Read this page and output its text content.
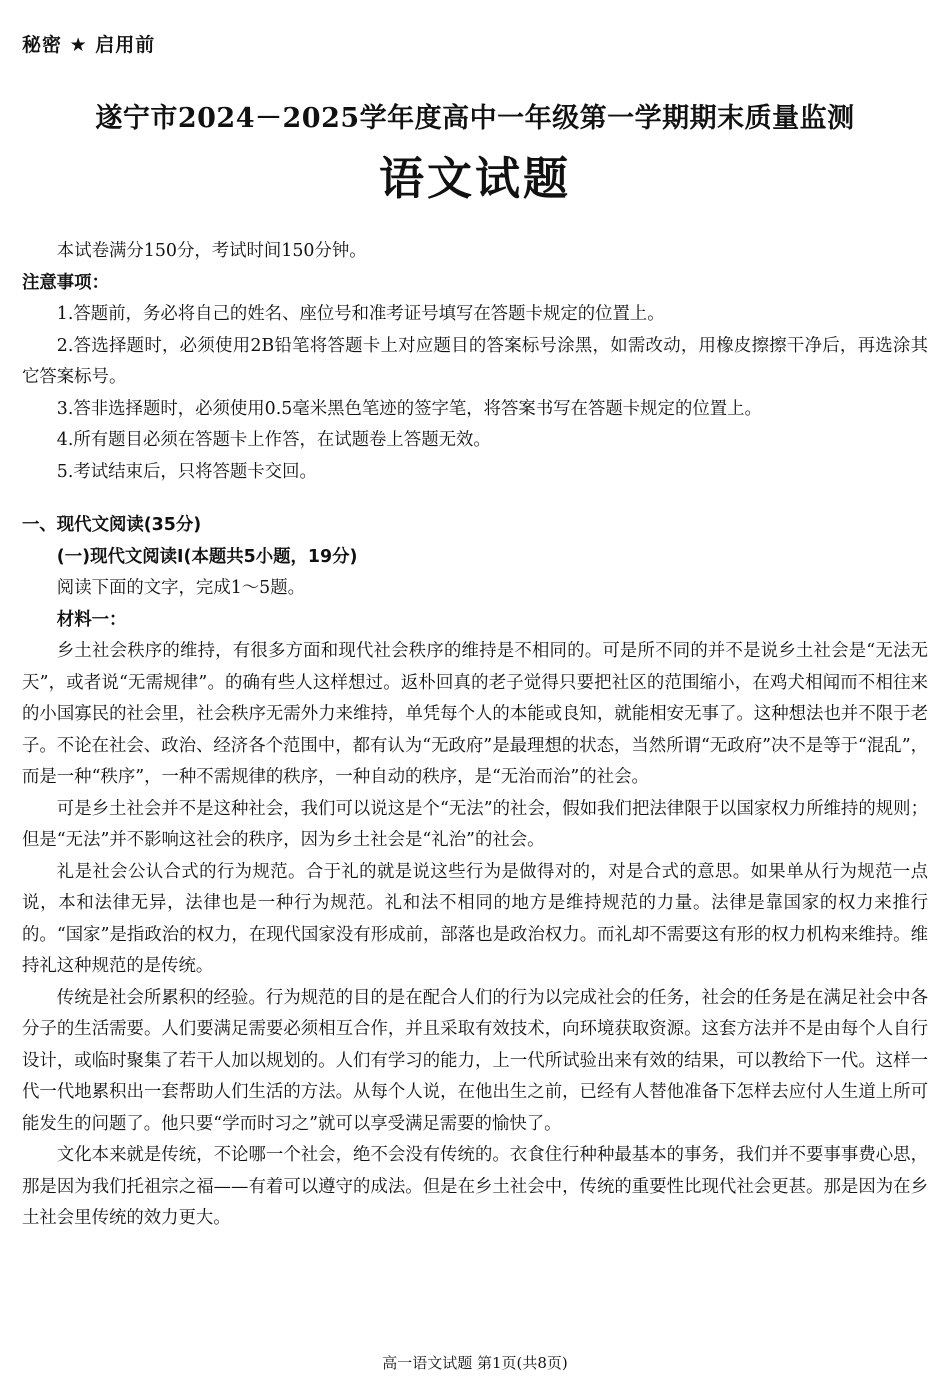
秘密 ★ 启用前
遂宁市2024－2025学年度高中一年级第一学期期末质量监测
语文试题

本试卷满分150分，考试时间150分钟。

注意事项：

1.答题前，务必将自己的姓名、座位号和准考证号填写在答题卡规定的位置上。

2.答选择题时，必须使用2B铅笔将答题卡上对应题目的答案标号涂黑，如需改动，用橡皮擦擦干净后，再选涂其它答案标号。

3.答非选择题时，必须使用0.5毫米黑色笔迹的签字笔，将答案书写在答题卡规定的位置上。

4.所有题目必须在答题卡上作答，在试题卷上答题无效。

5.考试结束后，只将答题卡交回。

一、现代文阅读(35分)

(一)现代文阅读Ⅰ(本题共5小题，19分)

阅读下面的文字，完成1～5题。

材料一：

乡土社会秩序的维持，有很多方面和现代社会秩序的维持是不相同的。可是所不同的并不是说乡土社会是“无法无天”，或者说“无需规律”。的确有些人这样想过。返朴回真的老子觉得只要把社区的范围缩小，在鸡犬相闻而不相往来的小国寡民的社会里，社会秩序无需外力来维持，单凭每个人的本能或良知，就能相安无事了。这种想法也并不限于老子。不论在社会、政治、经济各个范围中，都有认为“无政府”是最理想的状态，当然所谓“无政府”决不是等于“混乱”，而是一种“秩序”，一种不需规律的秩序，一种自动的秩序，是“无治而治”的社会。

可是乡土社会并不是这种社会，我们可以说这是个“无法”的社会，假如我们把法律限于以国家权力所维持的规则；但是“无法”并不影响这社会的秩序，因为乡土社会是“礼治”的社会。

礼是社会公认合式的行为规范。合于礼的就是说这些行为是做得对的，对是合式的意思。如果单从行为规范一点说，本和法律无异，法律也是一种行为规范。礼和法不相同的地方是维持规范的力量。法律是靠国家的权力来推行的。“国家”是指政治的权力，在现代国家没有形成前，部落也是政治权力。而礼却不需要这有形的权力机构来维持。维持礼这种规范的是传统。

传统是社会所累积的经验。行为规范的目的是在配合人们的行为以完成社会的任务，社会的任务是在满足社会中各分子的生活需要。人们要满足需要必须相互合作，并且采取有效技术，向环境获取资源。这套方法并不是由每个人自行设计，或临时聚集了若干人加以规划的。人们有学习的能力，上一代所试验出来有效的结果，可以教给下一代。这样一代一代地累积出一套帮助人们生活的方法。从每个人说，在他出生之前，已经有人替他准备下怎样去应付人生道上所可能发生的问题了。他只要“学而时习之”就可以享受满足需要的愉快了。

文化本来就是传统，不论哪一个社会，绝不会没有传统的。衣食住行种种最基本的事务，我们并不要事事费心思，那是因为我们托祖宗之福——有着可以遵守的成法。但是在乡土社会中，传统的重要性比现代社会更甚。那是因为在乡土社会里传统的效力更大。

高一语文试题 第1页(共8页)
